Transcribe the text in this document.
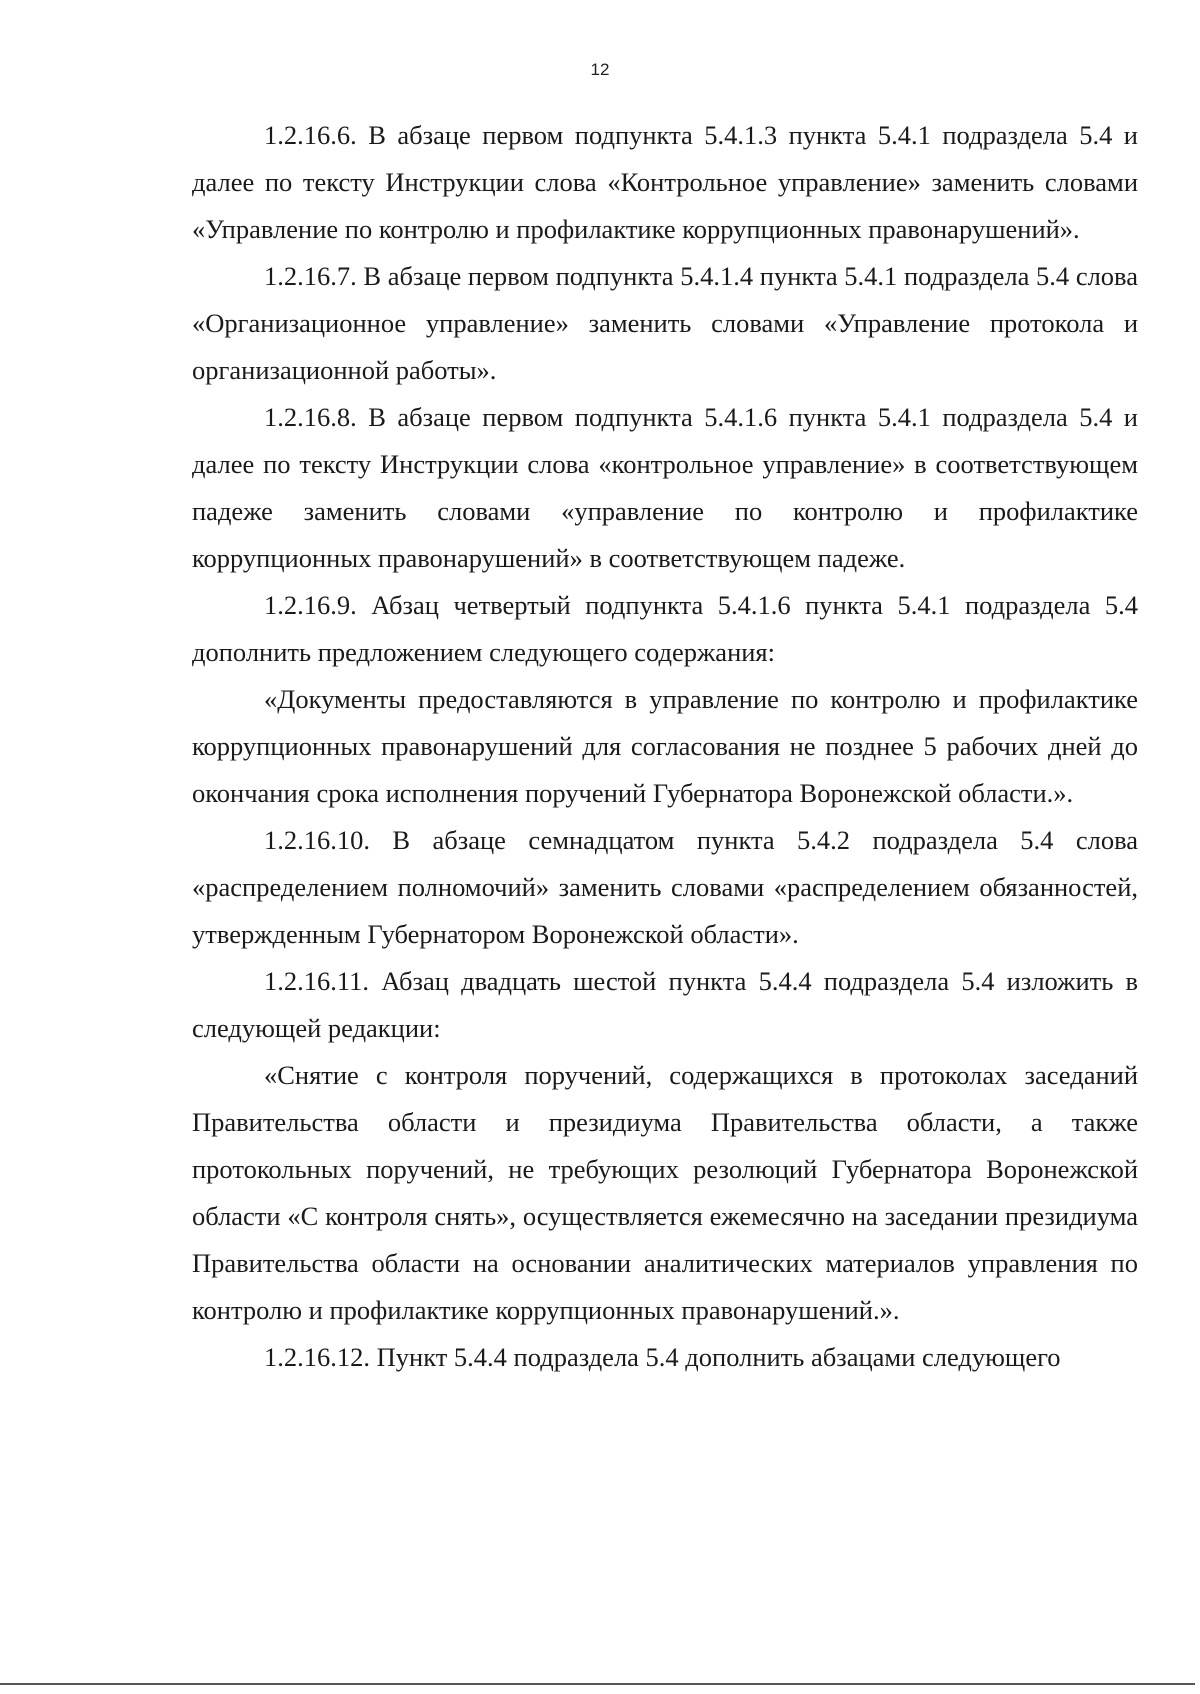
12

1.2.16.6. В абзаце первом подпункта 5.4.1.3 пункта 5.4.1 подраздела 5.4 и далее по тексту Инструкции слова «Контрольное управление» заменить словами «Управление по контролю и профилактике коррупционных правонарушений».

1.2.16.7. В абзаце первом подпункта 5.4.1.4 пункта 5.4.1 подраздела 5.4 слова «Организационное управление» заменить словами «Управление протокола и организационной работы».

1.2.16.8. В абзаце первом подпункта 5.4.1.6 пункта 5.4.1 подраздела 5.4 и далее по тексту Инструкции слова «контрольное управление» в соответствующем падеже заменить словами «управление по контролю и профилактике коррупционных правонарушений» в соответствующем падеже.

1.2.16.9. Абзац четвертый подпункта 5.4.1.6 пункта 5.4.1 подраздела 5.4 дополнить предложением следующего содержания:

«Документы предоставляются в управление по контролю и профилактике коррупционных правонарушений для согласования не позднее 5 рабочих дней до окончания срока исполнения поручений Губернатора Воронежской области.».

1.2.16.10. В абзаце семнадцатом пункта 5.4.2 подраздела 5.4 слова «распределением полномочий» заменить словами «распределением обязанностей, утвержденным Губернатором Воронежской области».

1.2.16.11. Абзац двадцать шестой пункта 5.4.4 подраздела 5.4 изложить в следующей редакции:

«Снятие с контроля поручений, содержащихся в протоколах заседаний Правительства области и президиума Правительства области, а также протокольных поручений, не требующих резолюций Губернатора Воронежской области «С контроля снять», осуществляется ежемесячно на заседании президиума Правительства области на основании аналитических материалов управления по контролю и профилактике коррупционных правонарушений.».

1.2.16.12. Пункт 5.4.4 подраздела 5.4 дополнить абзацами следующего
